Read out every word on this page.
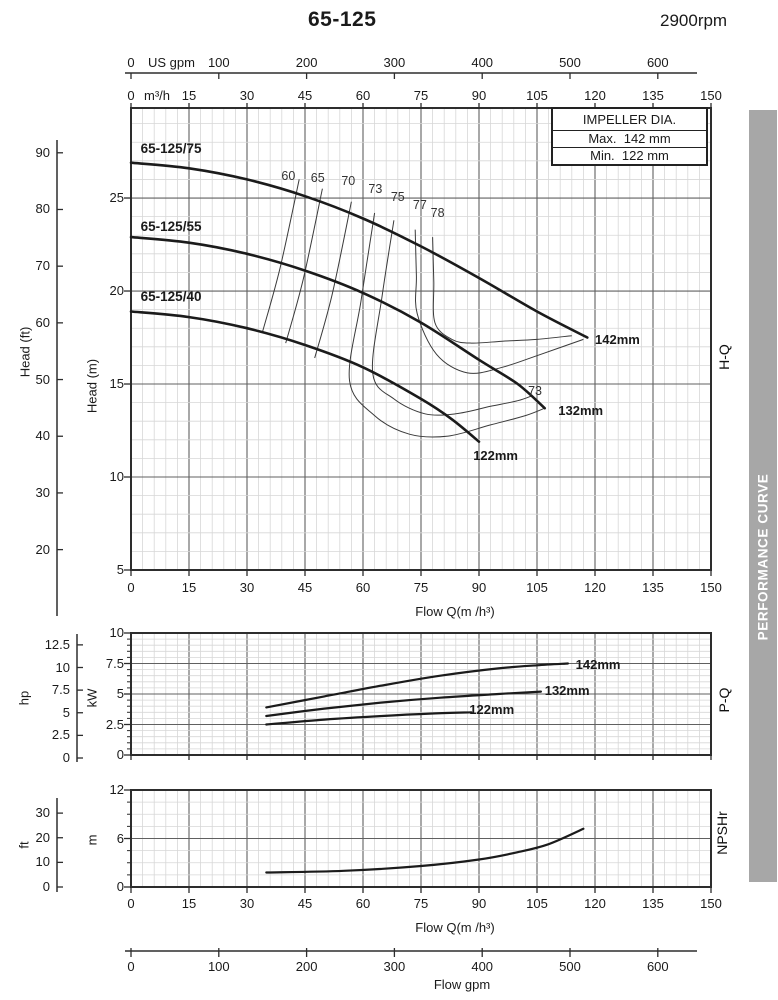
65-125	2900rpm
IMPELLER DIA.
Max. 142 mm
Min. 122 mm
US gpm
m³/h
Head (ft)
Head (m)
hp	kW
ft	m
H-Q
P-Q
NPSHr
PERFORMANCE CURVE
Flow Q(m /h³)
Flow Q(m /h³)
Flow gpm
0	100	200	300	400	500	600
0	100	200	300	400	500	600
0	15	30	45	60	75	90	105	120	135	150
0
0
15
15
30
30
45
45
60
60
75
75
90
90
105
105
120
120
135
135
150
150
90
80
70
60
50
40
30
20
25
20
15
10
5
12.5
10
7.5
5
2.5
0
10
7.5
5
2.5
0
12
6
0
30
20
10
0
65-125/75
142mm
65-125/55
132mm
65-125/40
122mm
60 65 70
73
75
77
78
73
142mm
132mm
122mm
